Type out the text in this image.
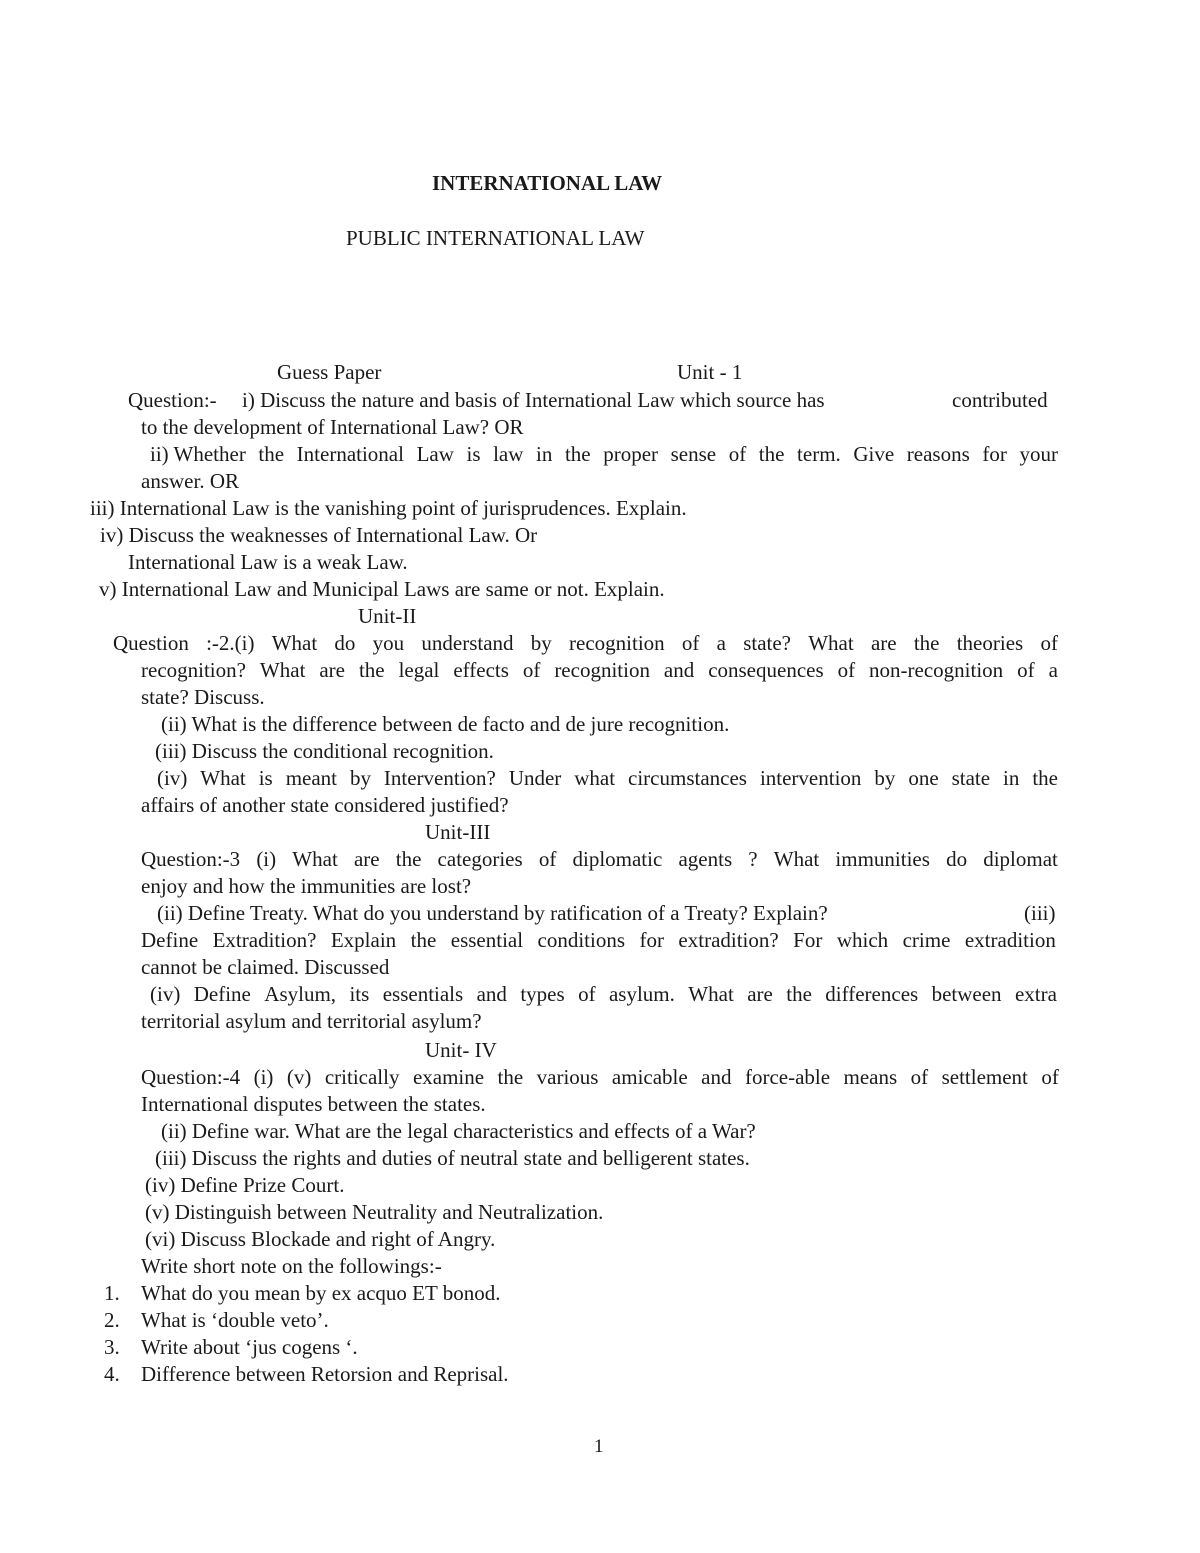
INTERNATIONAL LAW
PUBLIC INTERNATIONAL LAW
Guess Paper	Unit - 1
Question:- i) Discuss the nature and basis of International Law which source has	contributed
to the development of International Law? OR
ii) Whether the International Law is law in the proper sense of the term. Give reasons for your
answer. OR
iii) International Law is the vanishing point of jurisprudences. Explain.
iv) Discuss the weaknesses of International Law. Or
International Law is a weak Law.
v) International Law and Municipal Laws are same or not. Explain.
Unit-II
Question :-2.(i) What do you understand by recognition of a state? What are the theories of
recognition? What are the legal effects of recognition and consequences of non-recognition of a
state? Discuss.
(ii) What is the difference between de facto and de jure recognition.
(iii) Discuss the conditional recognition.
(iv) What is meant by Intervention? Under what circumstances intervention by one state in the
affairs of another state considered justified?
Unit-III
Question:-3 (i) What are the categories of diplomatic agents ? What immunities do diplomat
enjoy and how the immunities are lost?
(ii) Define Treaty. What do you understand by ratification of a Treaty? Explain?	(iii)
Define Extradition? Explain the essential conditions for extradition? For which crime extradition
cannot be claimed. Discussed
(iv) Define Asylum, its essentials and types of asylum. What are the differences between extra
territorial asylum and territorial asylum?
Unit- IV
Question:-4 (i) (v) critically examine the various amicable and force-able means of settlement of
International disputes between the states.
(ii) Define war. What are the legal characteristics and effects of a War?
(iii) Discuss the rights and duties of neutral state and belligerent states.
(iv) Define Prize Court.
(v) Distinguish between Neutrality and Neutralization.
(vi) Discuss Blockade and right of Angry.
Write short note on the followings:-
1. What do you mean by ex acquo ET bonod.
2. What is ‘double veto’.
3. Write about ‘jus cogens ‘.
4. Difference between Retorsion and Reprisal.
1
